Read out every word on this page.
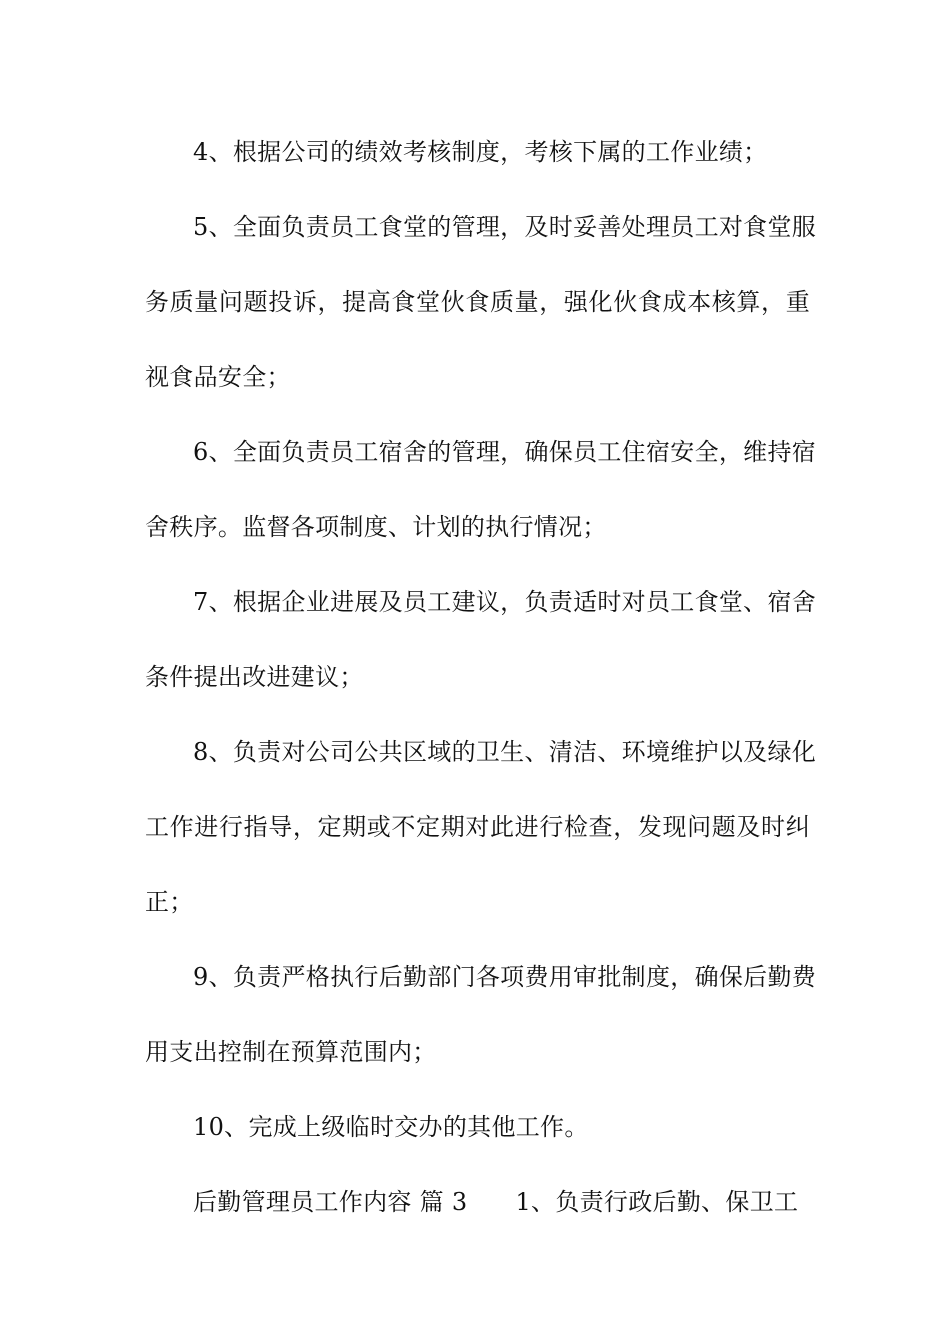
4、根据公司的绩效考核制度，考核下属的工作业绩；
5、全面负责员工食堂的管理，及时妥善处理员工对食堂服
务质量问题投诉，提高食堂伙食质量，强化伙食成本核算，重
视食品安全；
6、全面负责员工宿舍的管理，确保员工住宿安全，维持宿
舍秩序。监督各项制度、计划的执行情况；
7、根据企业进展及员工建议，负责适时对员工食堂、宿舍
条件提出改进建议；
8、负责对公司公共区域的卫生、清洁、环境维护以及绿化
工作进行指导，定期或不定期对此进行检查，发现问题及时纠
正；
9、负责严格执行后勤部门各项费用审批制度，确保后勤费
用支出控制在预算范围内；
10、完成上级临时交办的其他工作。
后勤管理员工作内容 篇 3 1、负责行政后勤、保卫工
